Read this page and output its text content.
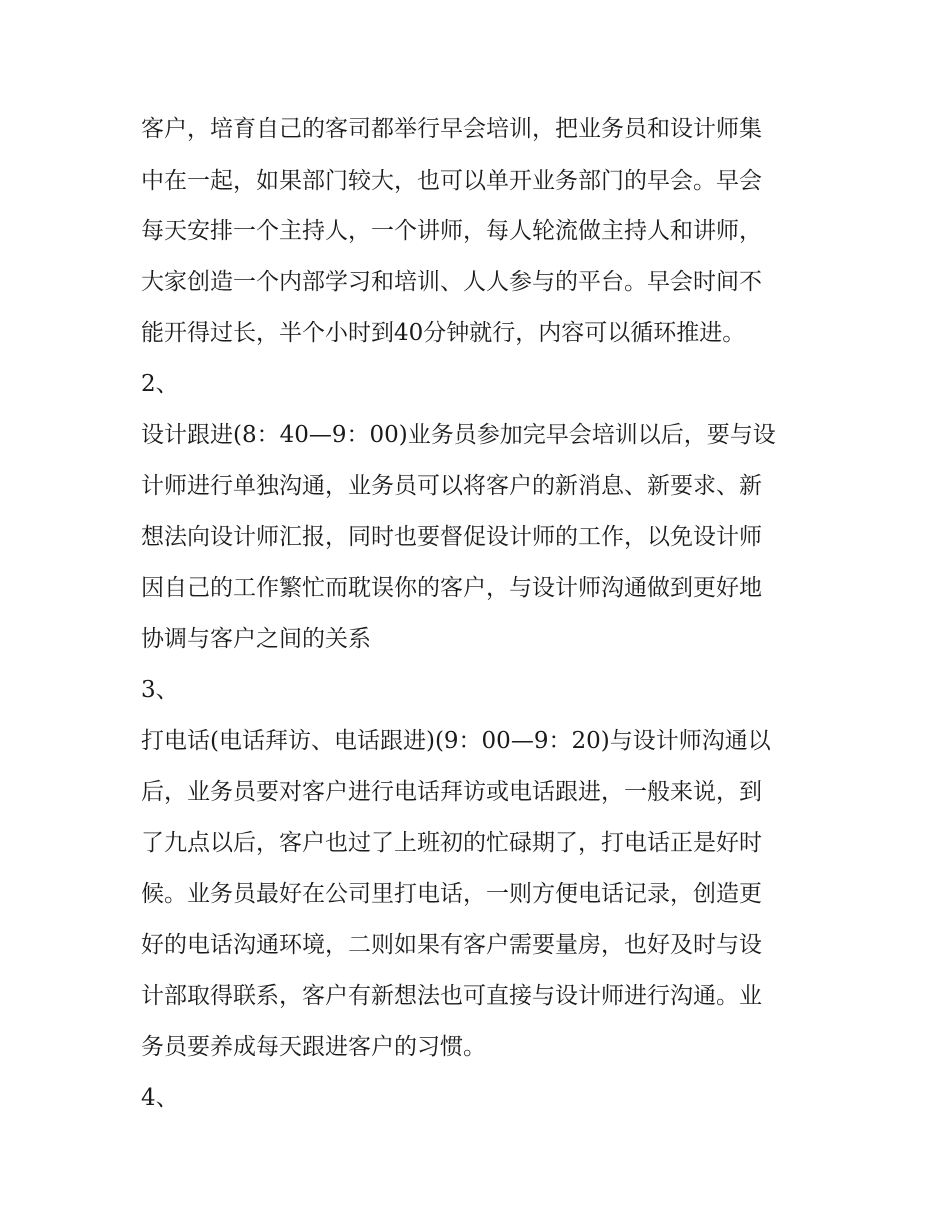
客户，培育自己的客司都举行早会培训，把业务员和设计师集
中在一起，如果部门较大，也可以单开业务部门的早会。早会
每天安排一个主持人，一个讲师，每人轮流做主持人和讲师，
大家创造一个内部学习和培训、人人参与的平台。早会时间不
能开得过长，半个小时到40分钟就行，内容可以循环推进。
2、
设计跟进(8：40—9：00)业务员参加完早会培训以后，要与设
计师进行单独沟通，业务员可以将客户的新消息、新要求、新
想法向设计师汇报，同时也要督促设计师的工作，以免设计师
因自己的工作繁忙而耽误你的客户，与设计师沟通做到更好地
协调与客户之间的关系
3、
打电话(电话拜访、电话跟进)(9：00—9：20)与设计师沟通以
后，业务员要对客户进行电话拜访或电话跟进，一般来说，到
了九点以后，客户也过了上班初的忙碌期了，打电话正是好时
候。业务员最好在公司里打电话，一则方便电话记录，创造更
好的电话沟通环境，二则如果有客户需要量房，也好及时与设
计部取得联系，客户有新想法也可直接与设计师进行沟通。业
务员要养成每天跟进客户的习惯。
4、
